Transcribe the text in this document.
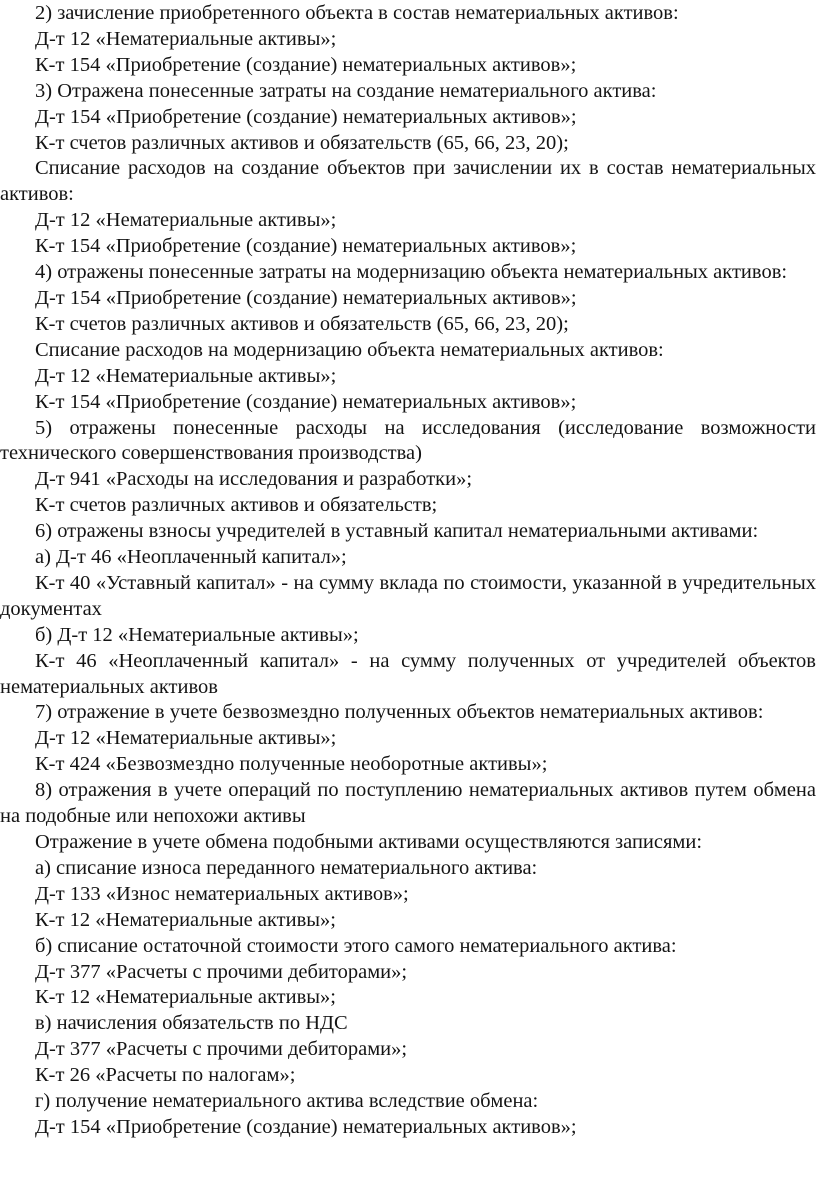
2) зачисление приобретенного объекта в состав нематериальных активов:

Д-т 12 «Нематериальные активы»;

К-т 154 «Приобретение (создание) нематериальных активов»;

3) Отражена понесенные затраты на создание нематериального актива:

Д-т 154 «Приобретение (создание) нематериальных активов»;

К-т счетов различных активов и обязательств (65, 66, 23, 20);

Списание расходов на создание объектов при зачислении их в состав нематериальных активов:

Д-т 12 «Нематериальные активы»;

К-т 154 «Приобретение (создание) нематериальных активов»;

4) отражены понесенные затраты на модернизацию объекта нематериальных активов:

Д-т 154 «Приобретение (создание) нематериальных активов»;

К-т счетов различных активов и обязательств (65, 66, 23, 20);

Списание расходов на модернизацию объекта нематериальных активов:

Д-т 12 «Нематериальные активы»;

К-т 154 «Приобретение (создание) нематериальных активов»;

5) отражены понесенные расходы на исследования (исследование возможности технического совершенствования производства)

Д-т 941 «Расходы на исследования и разработки»;

К-т счетов различных активов и обязательств;

6) отражены взносы учредителей в уставный капитал нематериальными активами:

а) Д-т 46 «Неоплаченный капитал»;

К-т 40 «Уставный капитал» - на сумму вклада по стоимости, указанной в учредительных документах

б) Д-т 12 «Нематериальные активы»;

К-т 46 «Неоплаченный капитал» - на сумму полученных от учредителей объектов нематериальных активов

7) отражение в учете безвозмездно полученных объектов нематериальных активов:

Д-т 12 «Нематериальные активы»;

К-т 424 «Безвозмездно полученные необоротные активы»;

8) отражения в учете операций по поступлению нематериальных активов путем обмена на подобные или непохожи активы

Отражение в учете обмена подобными активами осуществляются записями:

а) списание износа переданного нематериального актива:

Д-т 133 «Износ нематериальных активов»;

К-т 12 «Нематериальные активы»;

б) списание остаточной стоимости этого самого нематериального актива:

Д-т 377 «Расчеты с прочими дебиторами»;

К-т 12 «Нематериальные активы»;

в) начисления обязательств по НДС

Д-т 377 «Расчеты с прочими дебиторами»;

К-т 26 «Расчеты по налогам»;

г) получение нематериального актива вследствие обмена:

Д-т 154 «Приобретение (создание) нематериальных активов»;
